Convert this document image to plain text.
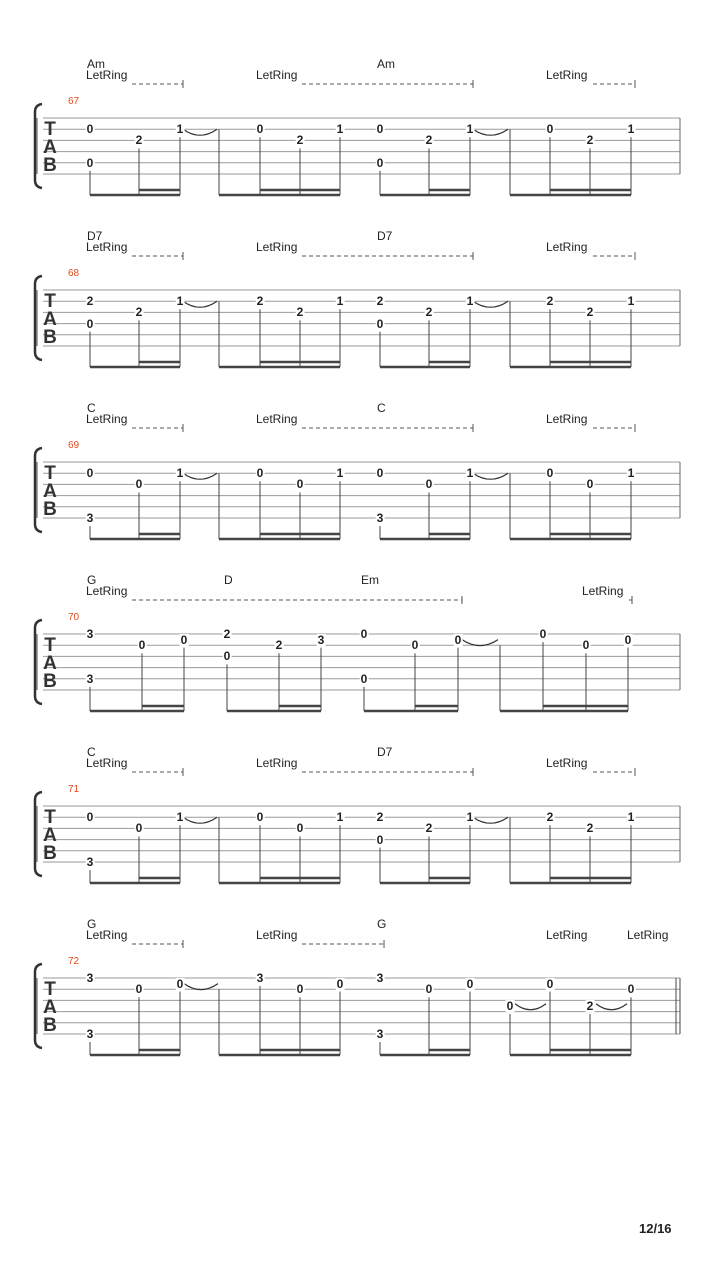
67
Am	Am
LetRing	LetRing	LetRing
T
A
B
0
0
2
1	0
2
1	0
0
2
1	0
2
1
68
D7	D7
LetRing	LetRing	LetRing
T
A
B
2
0
2
1	2
2
1	2
0
2
1	2
2
1
69
C	C
LetRing	LetRing	LetRing
T
A
B
0
3
0
1	0
0
1	0
3
0
1	0
0
1
70
G	D	Em
LetRing	LetRing
T
A
B
3
3
0	0	2
0
2	3	0
0
0	0	0
0	0
71
C	D7
LetRing	LetRing	LetRing
T
A
B
0
3
0
1	0
0
1	2
0
2
1	2
2
1
72
G	G
LetRing	LetRing	LetRing	LetRing
T
A
B
3
3
0	0	3
0	0	3
3
0	0
0
0
2
0
12/16
